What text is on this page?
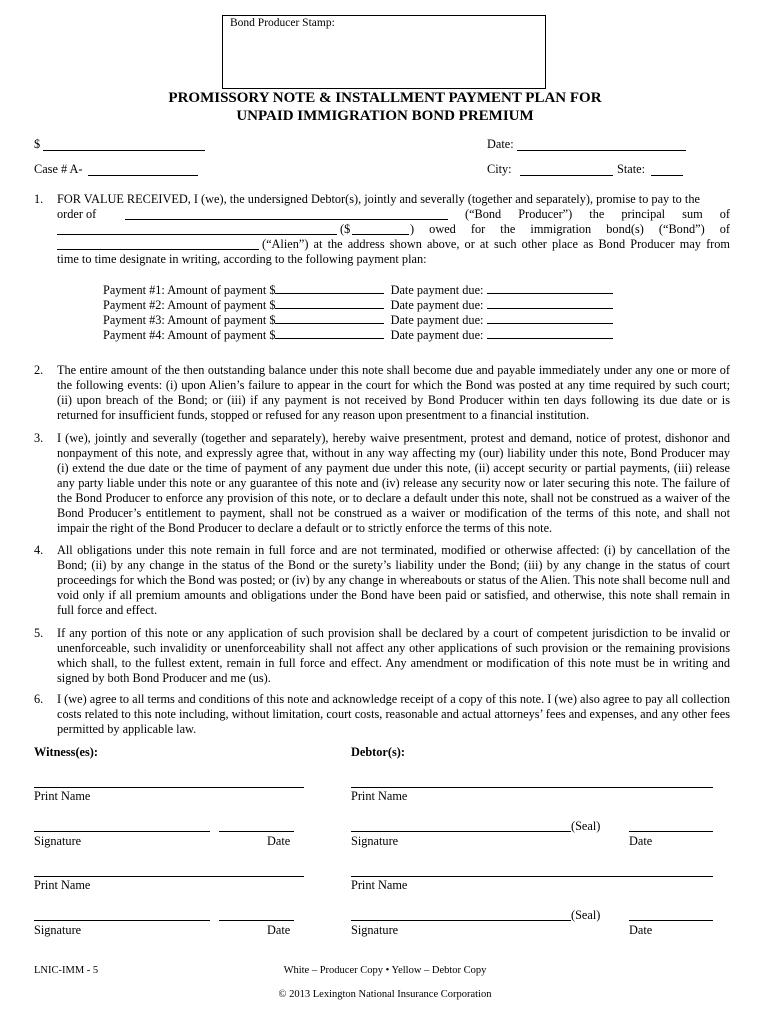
Bond Producer Stamp:
PROMISSORY NOTE & INSTALLMENT PAYMENT PLAN FOR
UNPAID IMMIGRATION BOND PREMIUM
$	Date:
Case # A-	City:	State:
1. FOR VALUE RECEIVED, I (we), the undersigned Debtor(s), jointly and severally (together and separately), promise to pay to the
order of	(“Bond Producer”) the principal sum of
($	) owed for the immigration bond(s) (“Bond”) of
(“Alien”) at the address shown above, or at such other place as Bond Producer may from
time to time designate in writing, according to the following payment plan:
Payment #1: Amount of payment $	Date payment due:
Payment #2: Amount of payment $	Date payment due:
Payment #3: Amount of payment $	Date payment due:
Payment #4: Amount of payment $	Date payment due:
2. The entire amount of the then outstanding balance under this note shall become due and payable immediately under any one or more of the following events: (i) upon Alien’s failure to appear in the court for which the Bond was posted at any time required by such court; (ii) upon breach of the Bond; or (iii) if any payment is not received by Bond Producer within ten days following its due date or is returned for insufficient funds, stopped or refused for any reason upon presentment to a financial institution.
3. I (we), jointly and severally (together and separately), hereby waive presentment, protest and demand, notice of protest, dishonor and nonpayment of this note, and expressly agree that, without in any way affecting my (our) liability under this note, Bond Producer may (i) extend the due date or the time of payment of any payment due under this note, (ii) accept security or partial payments, (iii) release any party liable under this note or any guarantee of this note and (iv) release any security now or later securing this note. The failure of the Bond Producer to enforce any provision of this note, or to declare a default under this note, shall not be construed as a waiver of the Bond Producer’s entitlement to payment, shall not be construed as a waiver or modification of the terms of this note, and shall not impair the right of the Bond Producer to declare a default or to strictly enforce the terms of this note.
4. All obligations under this note remain in full force and are not terminated, modified or otherwise affected: (i) by cancellation of the Bond; (ii) by any change in the status of the Bond or the surety’s liability under the Bond; (iii) by any change in the status of court proceedings for which the Bond was posted; or (iv) by any change in whereabouts or status of the Alien. This note shall become null and void only if all premium amounts and obligations under the Bond have been paid or satisfied, and otherwise, this note shall remain in full force and effect.
5. If any portion of this note or any application of such provision shall be declared by a court of competent jurisdiction to be invalid or unenforceable, such invalidity or unenforceability shall not affect any other applications of such provision or the remaining provisions which shall, to the fullest extent, remain in full force and effect. Any amendment or modification of this note must be in writing and signed by both Bond Producer and me (us).
6. I (we) agree to all terms and conditions of this note and acknowledge receipt of a copy of this note. I (we) also agree to pay all collection costs related to this note including, without limitation, court costs, reasonable and actual attorneys’ fees and expenses, and any other fees permitted by applicable law.
Witness(es):	Debtor(s):
Print Name	Print Name
(Seal)
Signature	Date	Signature	Date
Print Name	Print Name
(Seal)
Signature	Date	Signature	Date
LNIC-IMM - 5	White – Producer Copy • Yellow – Debtor Copy
© 2013 Lexington National Insurance Corporation
